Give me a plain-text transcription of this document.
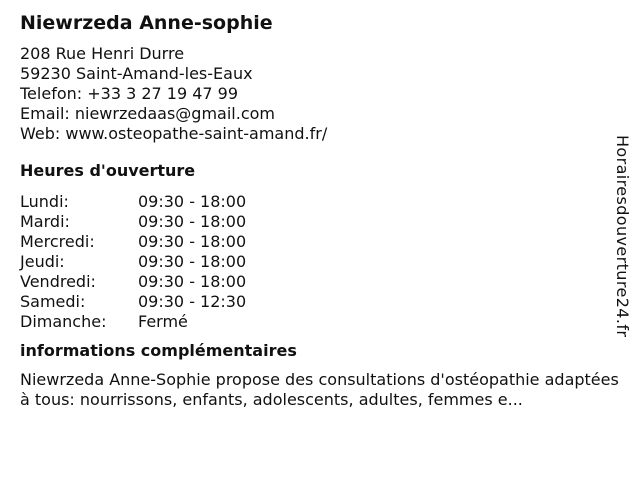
Niewrzeda Anne-sophie
208 Rue Henri Durre
59230 Saint-Amand-les-Eaux
Telefon: +33 3 27 19 47 99
Email: niewrzedaas@gmail.com
Web: www.osteopathe-saint-amand.fr/
Heures d'ouverture
Lundi:	09:30 - 18:00
Mardi:	09:30 - 18:00
Mercredi:	09:30 - 18:00
Jeudi:	09:30 - 18:00
Vendredi:	09:30 - 18:00
Samedi:	09:30 - 12:30
Dimanche:	Fermé
informations complémentaires
Niewrzeda Anne-Sophie propose des consultations d'ostéopathie adaptées à tous: nourrissons, enfants, adolescents, adultes, femmes e...
Horairesdouverture24.fr
